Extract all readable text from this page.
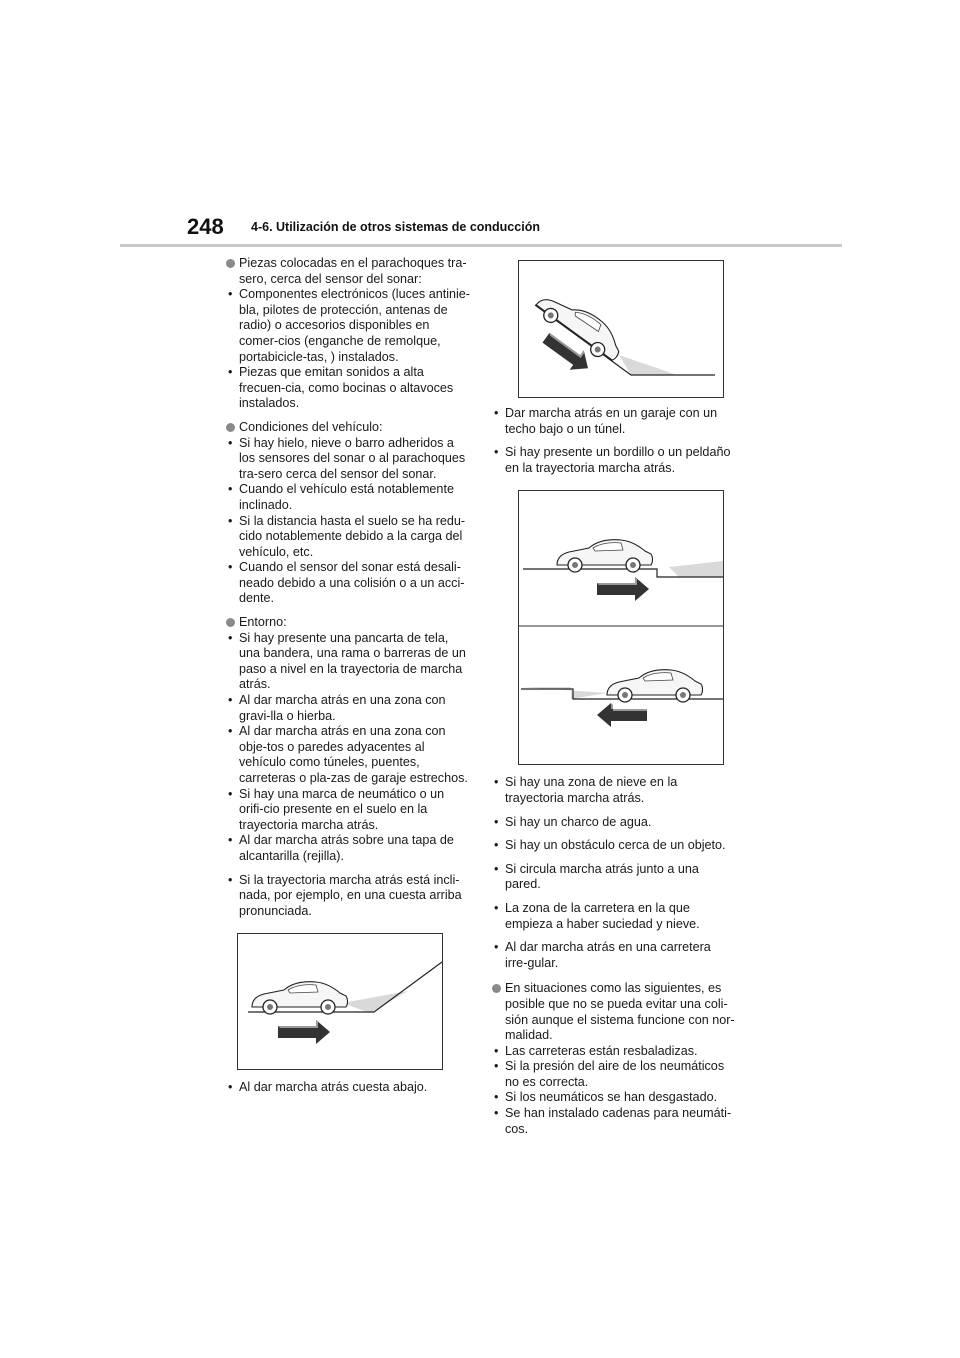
248 4-6. Utilización de otros sistemas de conducción
Piezas colocadas en el parachoques tra-sero, cerca del sensor del sonar:
• Componentes electrónicos (luces antinie-bla, pilotes de protección, antenas de radio) o accesorios disponibles en comer-cios (enganche de remolque, portabicicle-tas, ) instalados.
• Piezas que emitan sonidos a alta frecuen-cia, como bocinas o altavoces instalados.
Condiciones del vehículo:
• Si hay hielo, nieve o barro adheridos a los sensores del sonar o al parachoques tra-sero cerca del sensor del sonar.
• Cuando el vehículo está notablemente inclinado.
• Si la distancia hasta el suelo se ha redu-cido notablemente debido a la carga del vehículo, etc.
• Cuando el sensor del sonar está desali-neado debido a una colisión o a un acci-dente.
Entorno:
• Si hay presente una pancarta de tela, una bandera, una rama o barreras de un paso a nivel en la trayectoria de marcha atrás.
• Al dar marcha atrás en una zona con gravi-lla o hierba.
• Al dar marcha atrás en una zona con obje-tos o paredes adyacentes al vehículo como túneles, puentes, carreteras o pla-zas de garaje estrechos.
• Si hay una marca de neumático o un orifi-cio presente en el suelo en la trayectoria marcha atrás.
• Al dar marcha atrás sobre una tapa de alcantarilla (rejilla).
• Si la trayectoria marcha atrás está incli-nada, por ejemplo, en una cuesta arriba pronunciada.
• Al dar marcha atrás cuesta abajo.
• Dar marcha atrás en un garaje con un techo bajo o un túnel.
• Si hay presente un bordillo o un peldaño en la trayectoria marcha atrás.
• Si hay una zona de nieve en la trayectoria marcha atrás.
• Si hay un charco de agua.
• Si hay un obstáculo cerca de un objeto.
• Si circula marcha atrás junto a una pared.
• La zona de la carretera en la que empieza a haber suciedad y nieve.
• Al dar marcha atrás en una carretera irre-gular.
En situaciones como las siguientes, es posible que no se pueda evitar una coli-sión aunque el sistema funcione con nor-malidad.
• Las carreteras están resbaladizas.
• Si la presión del aire de los neumáticos no es correcta.
• Si los neumáticos se han desgastado.
• Se han instalado cadenas para neumáti-cos.
